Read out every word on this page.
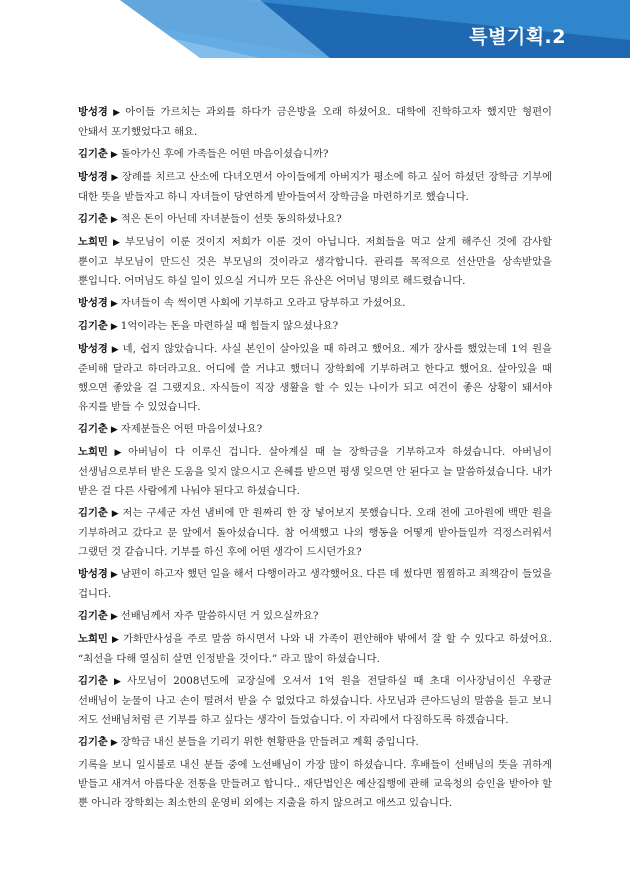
특별기획.2

방성경 ▶ 아이들 가르치는 과외를 하다가 금은방을 오래 하셨어요. 대학에 진학하고자 했지만 형편이 안돼서 포기했었다고 해요.

김기춘 ▶ 돌아가신 후에 가족들은 어떤 마음이셨습니까?

방성경 ▶ 장례를 치르고 산소에 다녀오면서 아이들에게 아버지가 평소에 하고 싶어 하셨던 장학금 기부에 대한 뜻을 받들자고 하니 자녀들이 당연하게 받아들여서 장학금을 마련하기로 했습니다.

김기춘 ▶ 적은 돈이 아닌데 자녀분들이 선뜻 동의하셨나요?

노희민 ▶ 부모님이 이룬 것이지 저희가 이룬 것이 아닙니다. 저희들을 먹고 살게 해주신 것에 감사할 뿐이고 부모님이 만드신 것은 부모님의 것이라고 생각합니다. 관리를 목적으로 선산만을 상속받았을 뿐입니다. 어머님도 하실 일이 있으실 거니까 모든 유산은 어머님 명의로 해드렸습니다.

방성경 ▶ 자녀들이 속 썩이면 사회에 기부하고 오라고 당부하고 가셨어요.

김기춘 ▶ 1억이라는 돈을 마련하실 때 힘들지 않으셨나요?

방성경 ▶ 네, 쉽지 않았습니다. 사실 본인이 살아있을 때 하려고 했어요. 제가 장사를 했었는데 1억 원을 준비해 달라고 하더라고요. 어디에 쓸 거냐고 했더니 장학회에 기부하려고 한다고 했어요. 살아있을 때 했으면 좋았을 걸 그랬지요. 자식들이 직장 생활을 할 수 있는 나이가 되고 여건이 좋은 상황이 돼서야 유지를 받들 수 있었습니다.

김기춘 ▶ 자제분들은 어떤 마음이셨나요?

노희민 ▶ 아버님이 다 이루신 겁니다. 살아계실 때 늘 장학금을 기부하고자 하셨습니다. 아버님이 선생님으로부터 받은 도움을 잊지 않으시고 은혜를 받으면 평생 잊으면 안 된다고 늘 말씀하셨습니다. 내가 받은 걸 다른 사람에게 나눠야 된다고 하셨습니다.

김기춘 ▶ 저는 구세군 자선 냄비에 만 원짜리 한 장 넣어보지 못했습니다. 오래 전에 고아원에 백만 원을 기부하려고 갔다고 문 앞에서 돌아섰습니다. 참 어색했고 나의 행동을 어떻게 받아들일까 걱정스러워서 그랬던 것 같습니다. 기부를 하신 후에 어떤 생각이 드시던가요?

방성경 ▶ 남편이 하고자 했던 일을 해서 다행이라고 생각했어요. 다른 데 썼다면 찜찜하고 죄책감이 들었을 겁니다.

김기춘 ▶ 선배님께서 자주 말씀하시던 거 있으실까요?

노희민 ▶ 가화만사성을 주로 말씀 하시면서 나와 내 가족이 편안해야 밖에서 잘 할 수 있다고 하셨어요. “최선을 다해 열심히 살면 인정받을 것이다.” 라고 많이 하셨습니다.

김기춘 ▶ 사모님이 2008년도에 교장실에 오셔서 1억 원을 전달하실 때 초대 이사장님이신 우광균 선배님이 눈물이 나고 손이 떨려서 받을 수 없었다고 하셨습니다. 사모님과 큰아드님의 말씀을 듣고 보니 저도 선배님처럼 큰 기부를 하고 싶다는 생각이 들었습니다. 이 자리에서 다짐하도록 하겠습니다.

김기춘 ▶ 장학금 내신 분들을 기리기 위한 현황판을 만들려고 계획 중입니다.

기록을 보니 일시불로 내신 분들 중에 노선배님이 가장 많이 하셨습니다. 후배들이 선배님의 뜻을 귀하게 받들고 새겨서 아름다운 전통을 만들려고 합니다.. 재단법인은 예산집행에 관해 교육청의 승인을 받아야 할 뿐 아니라 장학회는 최소한의 운영비 외에는 지출을 하지 않으려고 애쓰고 있습니다.
